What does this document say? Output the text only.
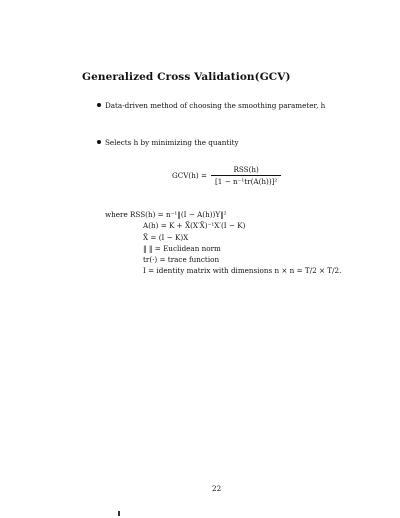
Generalized Cross Validation(GCV)
Data-driven method of choosing the smoothing parameter, h
Selects h by minimizing the quantity
$GCV(h) = \frac{\text{RSS(h)}}{\text{[1 − n⁻¹tr(A(h))]²}}$
where RSS(h) = n⁻¹‖(I − A(h))Y‖²
A(h) = K + X̃(X′X̃)⁻¹X′(I − K)
X̃ = (I − K)X
‖ ‖ = Euclidean norm
tr(·) = trace function
I = identity matrix with dimensions n × n = T/2 × T/2.
22
